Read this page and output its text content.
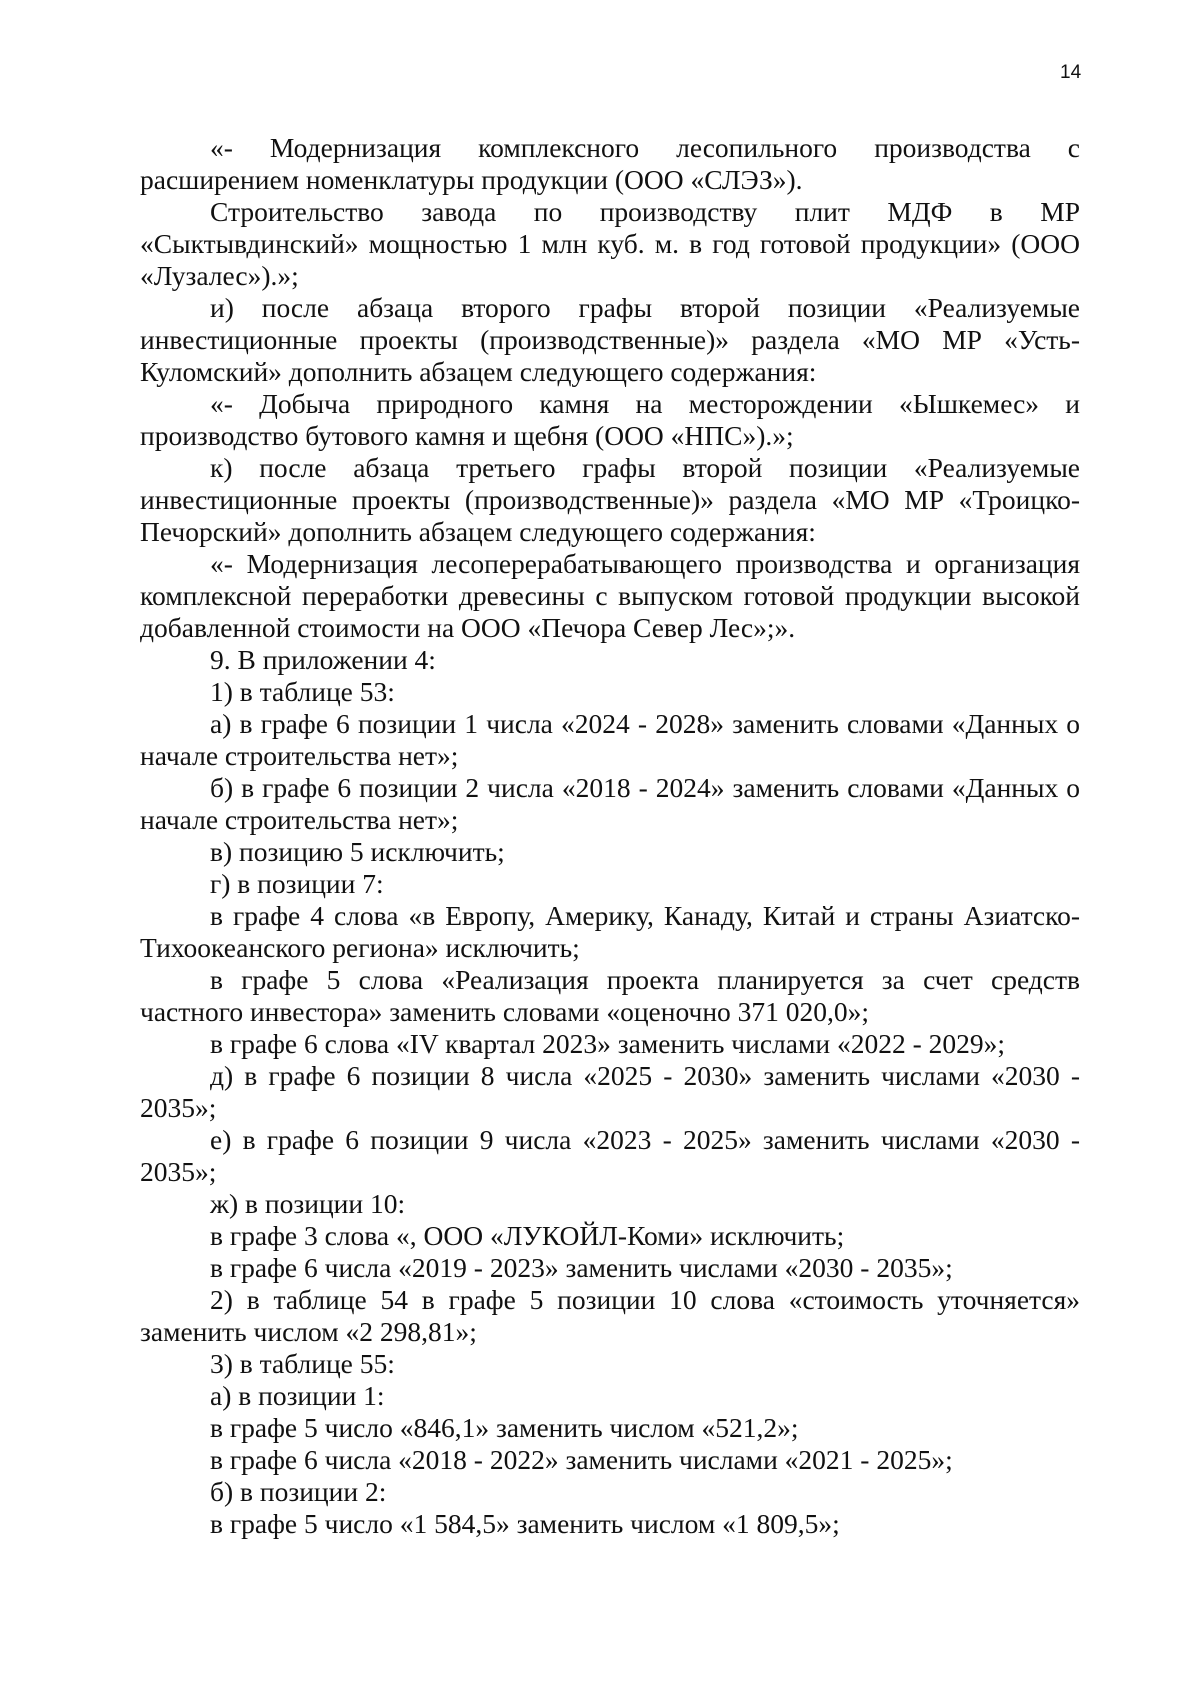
14

«- Модернизация комплексного лесопильного производства с расширением номенклатуры продукции (ООО «СЛЭЗ»).

Строительство завода по производству плит МДФ в МР «Сыктывдинский» мощностью 1 млн куб. м. в год готовой продукции» (ООО «Лузалес»).»;

и) после абзаца второго графы второй позиции «Реализуемые инвестиционные проекты (производственные)» раздела «МО МР «Усть-Куломский» дополнить абзацем следующего содержания:

«- Добыча природного камня на месторождении «Ышкемес» и производство бутового камня и щебня (ООО «НПС»).»;

к) после абзаца третьего графы второй позиции «Реализуемые инвестиционные проекты (производственные)» раздела «МО МР «Троицко-Печорский» дополнить абзацем следующего содержания:

«- Модернизация лесоперерабатывающего производства и организация комплексной переработки древесины с выпуском готовой продукции высокой добавленной стоимости на ООО «Печора Север Лес»;».

9. В приложении 4:

1) в таблице 53:

а) в графе 6 позиции 1 числа «2024 - 2028» заменить словами «Данных о начале строительства нет»;

б) в графе 6 позиции 2 числа «2018 - 2024» заменить словами «Данных о начале строительства нет»;

в) позицию 5 исключить;

г) в позиции 7:

в графе 4 слова «в Европу, Америку, Канаду, Китай и страны Азиатско-Тихоокеанского региона» исключить;

в графе 5 слова «Реализация проекта планируется за счет средств частного инвестора» заменить словами «оценочно 371 020,0»;

в графе 6 слова «IV квартал 2023» заменить числами «2022 - 2029»;

д) в графе 6 позиции 8 числа «2025 - 2030» заменить числами «2030 - 2035»;

е) в графе 6 позиции 9 числа «2023 - 2025» заменить числами «2030 - 2035»;

ж) в позиции 10:

в графе 3 слова «, ООО «ЛУКОЙЛ-Коми» исключить;

в графе 6 числа «2019 - 2023» заменить числами «2030 - 2035»;

2) в таблице 54 в графе 5 позиции 10 слова «стоимость уточняется» заменить числом «2 298,81»;

3) в таблице 55:

а) в позиции 1:

в графе 5 число «846,1» заменить числом «521,2»;

в графе 6 числа «2018 - 2022» заменить числами «2021 - 2025»;

б) в позиции 2:

в графе 5 число «1 584,5» заменить числом «1 809,5»;
